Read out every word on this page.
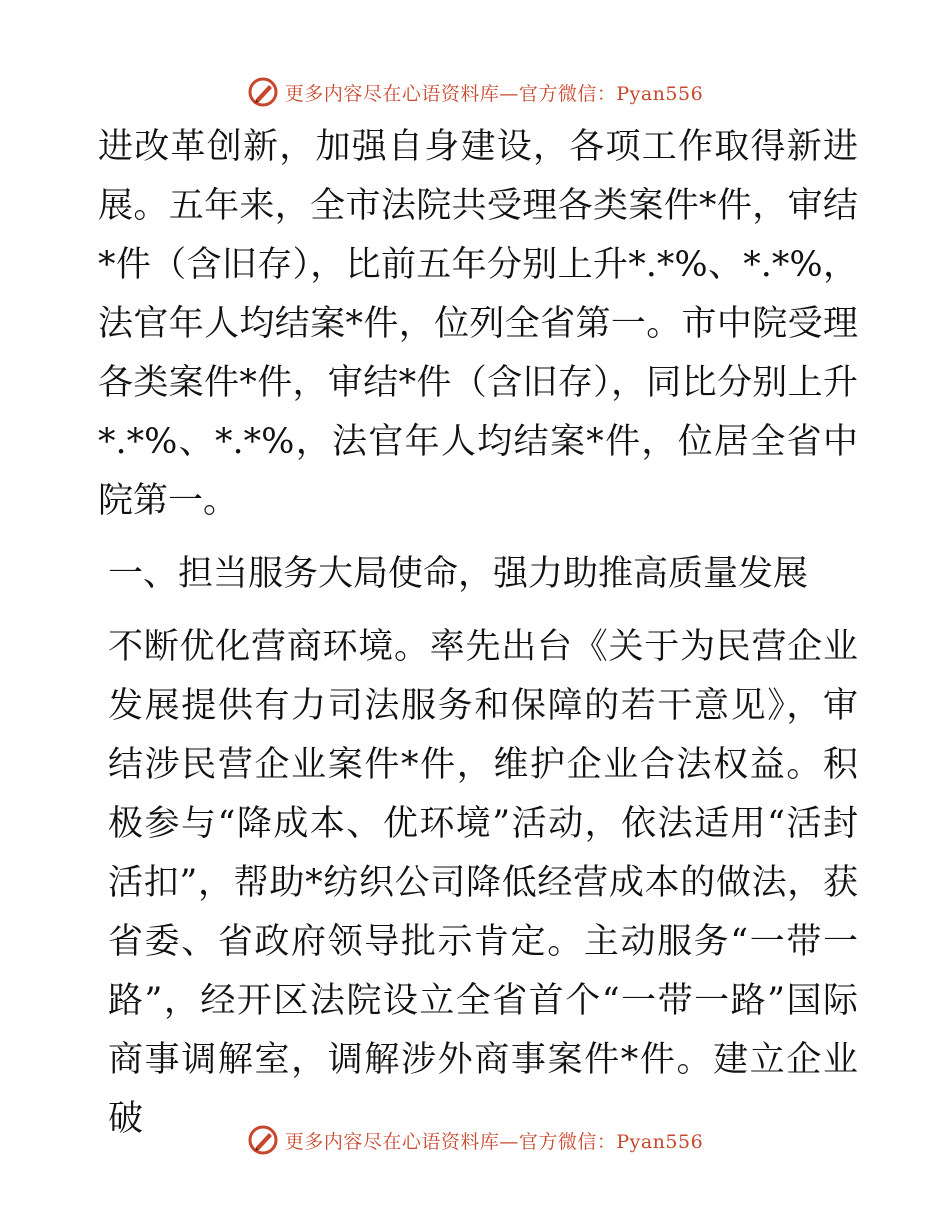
更多内容尽在心语资料库—官方微信：Pyan556

进改革创新，加强自身建设，各项工作取得新进展。五年来，全市法院共受理各类案件*件，审结*件（含旧存），比前五年分别上升*.*%、*.*%，法官年人均结案*件，位列全省第一。市中院受理各类案件*件，审结*件（含旧存），同比分别上升*.*%、*.*%，法官年人均结案*件，位居全省中院第一。

一、担当服务大局使命，强力助推高质量发展

不断优化营商环境。率先出台《关于为民营企业发展提供有力司法服务和保障的若干意见》，审结涉民营企业案件*件，维护企业合法权益。积极参与“降成本、优环境”活动，依法适用“活封活扣”，帮助*纺织公司降低经营成本的做法，获省委、省政府领导批示肯定。主动服务“一带一路”，经开区法院设立全省首个“一带一路”国际商事调解室，调解涉外商事案件*件。建立企业破

更多内容尽在心语资料库—官方微信：Pyan556
